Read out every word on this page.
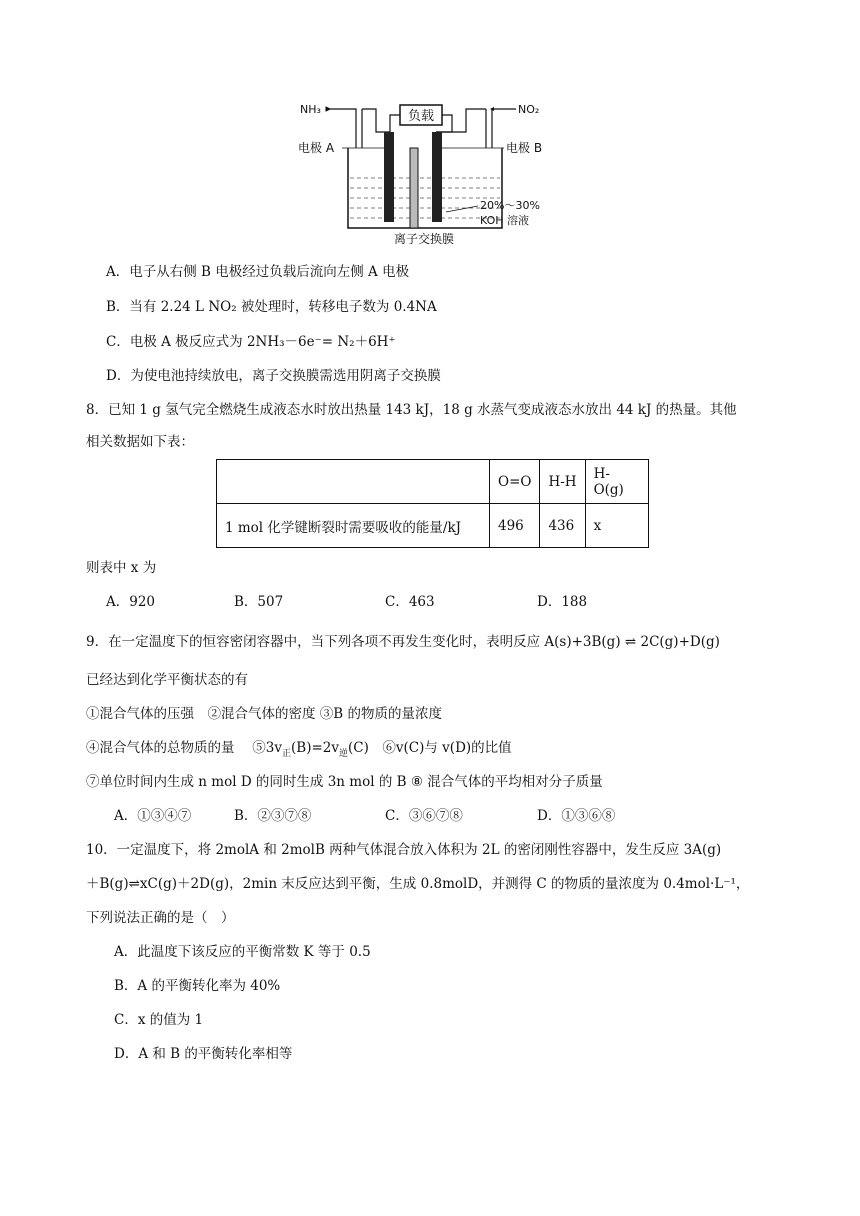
负载
NH₃	NO₂
电极 A	电极 B
20%～30%
KOH 溶液
离子交换膜
A．电子从右侧 B 电极经过负载后流向左侧 A 电极
B．当有 2.24 L NO₂ 被处理时，转移电子数为 0.4NA
C．电极 A 极反应式为 2NH₃－6e⁻= N₂＋6H⁺
D．为使电池持续放电，离子交换膜需选用阴离子交换膜
8．已知 1 g 氢气完全燃烧生成液态水时放出热量 143 kJ，18 g 水蒸气变成液态水放出 44 kJ 的热量。其他
相关数据如下表：
	O=O	H-H	H-O(g)
1 mol 化学键断裂时需要吸收的能量/kJ	496	436	x
则表中 x 为
A．920	B．507	C．463	D．188
9．在一定温度下的恒容密闭容器中，当下列各项不再发生变化时，表明反应 A(s)+3B(g) ⇌ 2C(g)+D(g)
已经达到化学平衡状态的有
①混合气体的压强　②混合气体的密度 ③B 的物质的量浓度
④混合气体的总物质的量　 $⑤3v_正(B)=2v_逆(C)$　⑥v(C)与 v(D)的比值
⑦单位时间内生成 n mol D 的同时生成 3n mol 的 B ⑧ 混合气体的平均相对分子质量
A．①③④⑦	B．②③⑦⑧	C．③⑥⑦⑧	D．①③⑥⑧
10．一定温度下，将 2molA 和 2molB 两种气体混合放入体积为 2L 的密闭刚性容器中，发生反应 3A(g)
＋B(g)⇌xC(g)＋2D(g)，2min 末反应达到平衡，生成 0.8molD，并测得 C 的物质的量浓度为 0.4mol·L⁻¹，
下列说法正确的是（　）
A．此温度下该反应的平衡常数 K 等于 0.5
B．A 的平衡转化率为 40%
C．x 的值为 1
D．A 和 B 的平衡转化率相等
